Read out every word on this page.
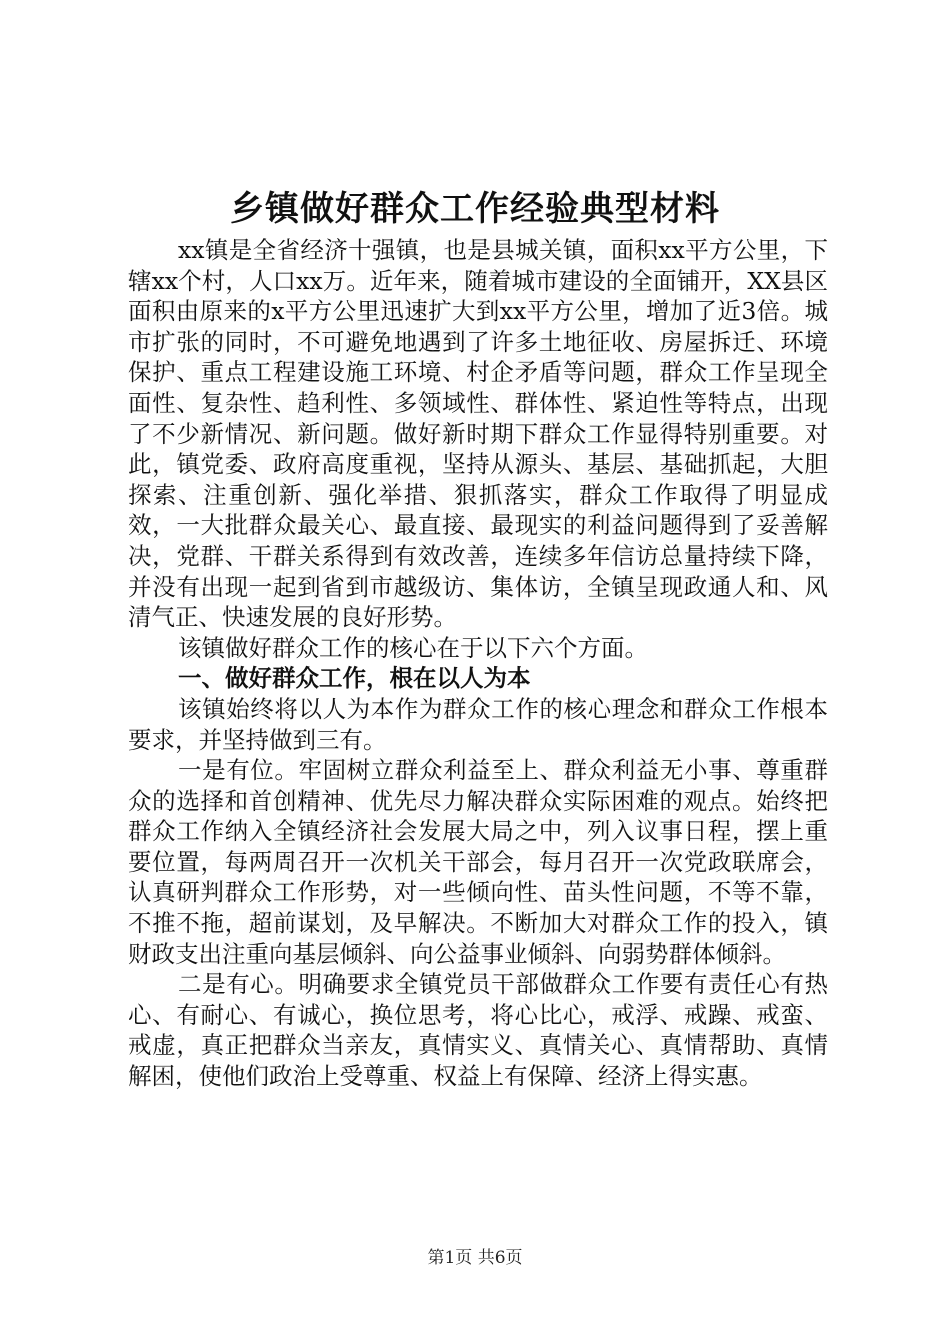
乡镇做好群众工作经验典型材料

xx镇是全省经济十强镇，也是县城关镇，面积xx平方公里，下辖xx个村，人口xx万。近年来，随着城市建设的全面铺开，XX县区面积由原来的x平方公里迅速扩大到xx平方公里，增加了近3倍。城市扩张的同时，不可避免地遇到了许多土地征收、房屋拆迁、环境保护、重点工程建设施工环境、村企矛盾等问题，群众工作呈现全面性、复杂性、趋利性、多领域性、群体性、紧迫性等特点，出现了不少新情况、新问题。做好新时期下群众工作显得特别重要。对此，镇党委、政府高度重视，坚持从源头、基层、基础抓起，大胆探索、注重创新、强化举措、狠抓落实，群众工作取得了明显成效，一大批群众最关心、最直接、最现实的利益问题得到了妥善解决，党群、干群关系得到有效改善，连续多年信访总量持续下降，并没有出现一起到省到市越级访、集体访，全镇呈现政通人和、风清气正、快速发展的良好形势。

该镇做好群众工作的核心在于以下六个方面。

一、做好群众工作，根在以人为本

该镇始终将以人为本作为群众工作的核心理念和群众工作根本要求，并坚持做到三有。

一是有位。牢固树立群众利益至上、群众利益无小事、尊重群众的选择和首创精神、优先尽力解决群众实际困难的观点。始终把群众工作纳入全镇经济社会发展大局之中，列入议事日程，摆上重要位置，每两周召开一次机关干部会，每月召开一次党政联席会，认真研判群众工作形势，对一些倾向性、苗头性问题，不等不靠，不推不拖，超前谋划，及早解决。不断加大对群众工作的投入，镇财政支出注重向基层倾斜、向公益事业倾斜、向弱势群体倾斜。

二是有心。明确要求全镇党员干部做群众工作要有责任心有热心、有耐心、有诚心，换位思考，将心比心，戒浮、戒躁、戒蛮、戒虚，真正把群众当亲友，真情实义、真情关心、真情帮助、真情解困，使他们政治上受尊重、权益上有保障、经济上得实惠。

第1页 共6页
